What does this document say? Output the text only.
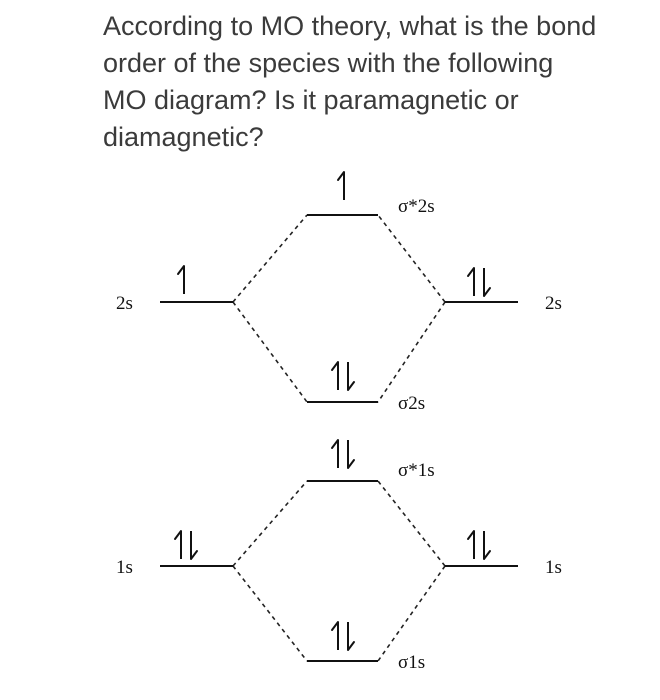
According to MO theory, what is the bond order of the species with the following MO diagram? Is it paramagnetic or diamagnetic?
2s	2s
σ*2s
σ2s
1s	1s
σ*1s
σ1s
